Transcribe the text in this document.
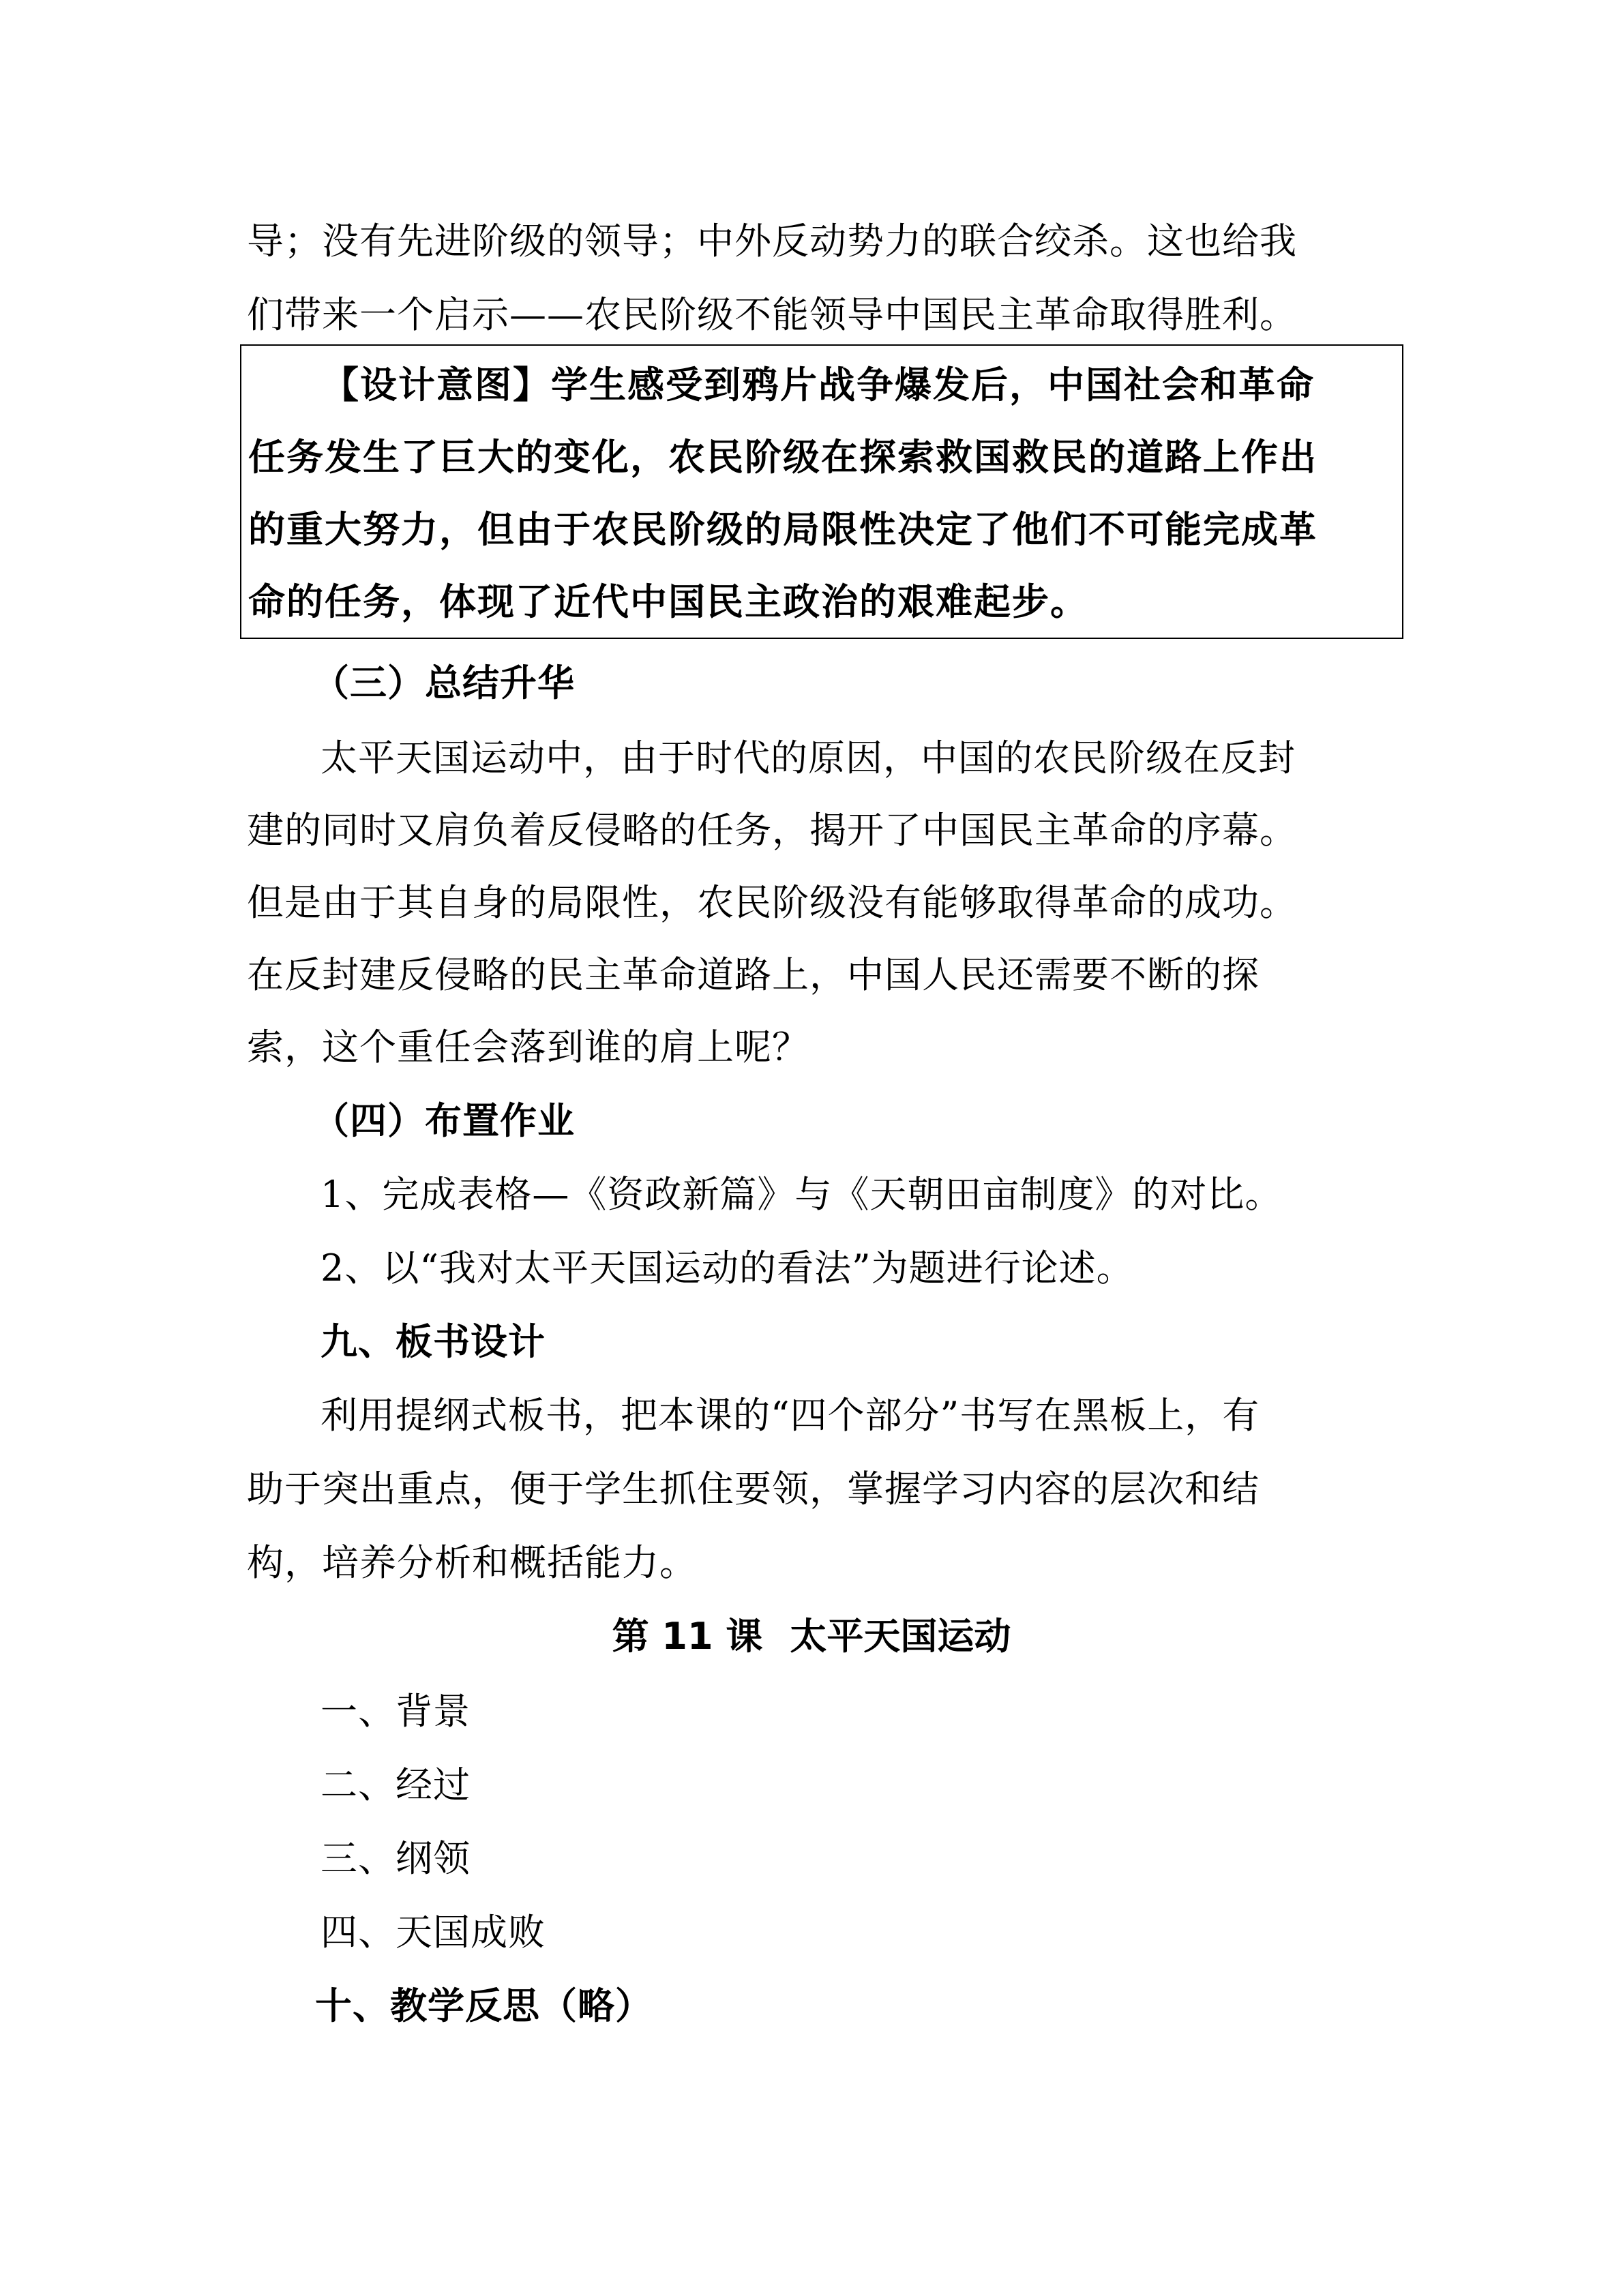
导；没有先进阶级的领导；中外反动势力的联合绞杀。这也给我
们带来一个启示——农民阶级不能领导中国民主革命取得胜利。
【设计意图】学生感受到鸦片战争爆发后，中国社会和革命
任务发生了巨大的变化，农民阶级在探索救国救民的道路上作出
的重大努力，但由于农民阶级的局限性决定了他们不可能完成革
命的任务，体现了近代中国民主政治的艰难起步。
（三）总结升华
太平天国运动中，由于时代的原因，中国的农民阶级在反封
建的同时又肩负着反侵略的任务，揭开了中国民主革命的序幕。
但是由于其自身的局限性，农民阶级没有能够取得革命的成功。
在反封建反侵略的民主革命道路上，中国人民还需要不断的探
索，这个重任会落到谁的肩上呢？
（四）布置作业
1、完成表格—《资政新篇》与《天朝田亩制度》的对比。
2、以“我对太平天国运动的看法”为题进行论述。
九、板书设计
利用提纲式板书，把本课的“四个部分”书写在黑板上，有
助于突出重点，便于学生抓住要领，掌握学习内容的层次和结
构，培养分析和概括能力。
第 11 课 太平天国运动
一、背景
二、经过
三、纲领
四、天国成败
十、教学反思（略）
